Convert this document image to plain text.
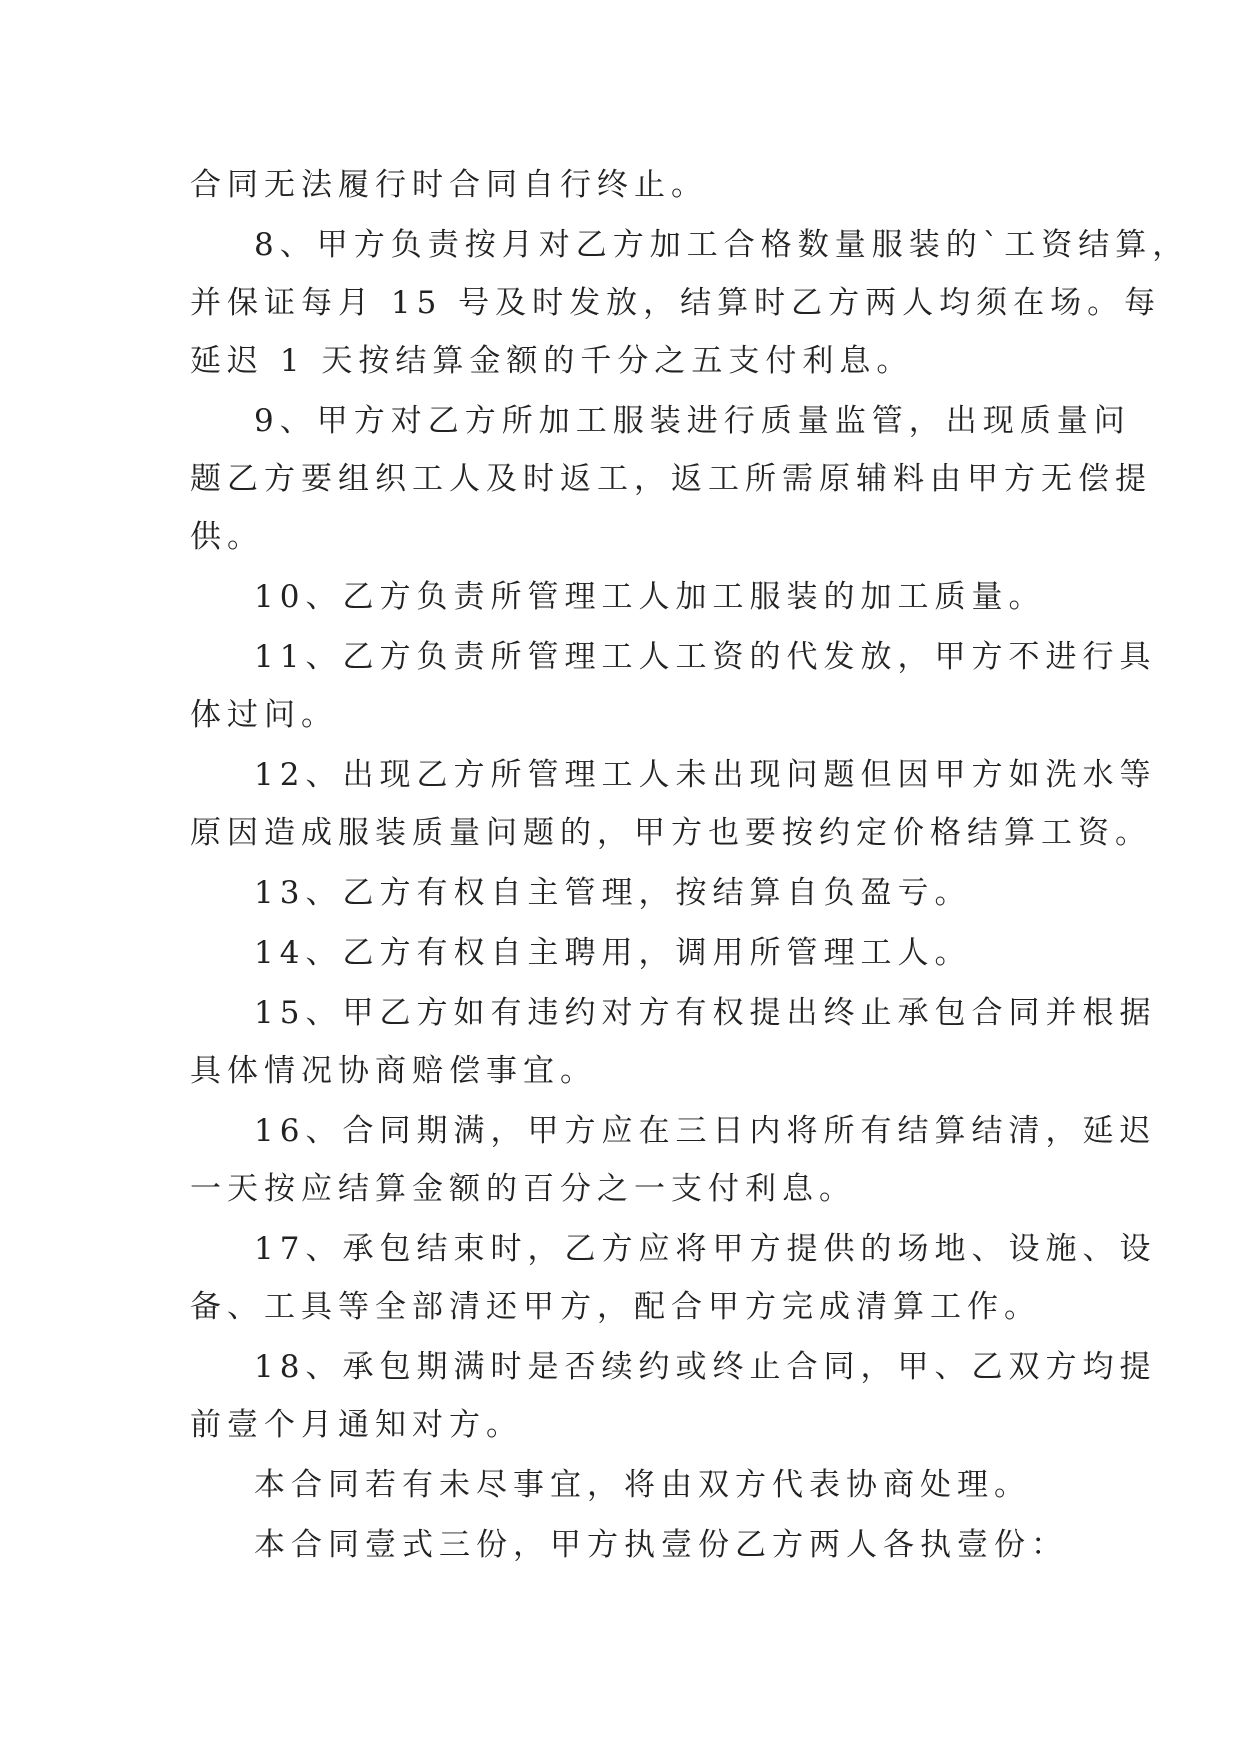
合同无法履行时合同自行终止。
8、甲方负责按月对乙方加工合格数量服装的`工资结算，
并保证每月 15 号及时发放，结算时乙方两人均须在场。每
延迟 1 天按结算金额的千分之五支付利息。
9、甲方对乙方所加工服装进行质量监管，出现质量问
题乙方要组织工人及时返工，返工所需原辅料由甲方无偿提
供。
10、乙方负责所管理工人加工服装的加工质量。
11、乙方负责所管理工人工资的代发放，甲方不进行具
体过问。
12、出现乙方所管理工人未出现问题但因甲方如洗水等
原因造成服装质量问题的，甲方也要按约定价格结算工资。
13、乙方有权自主管理，按结算自负盈亏。
14、乙方有权自主聘用，调用所管理工人。
15、甲乙方如有违约对方有权提出终止承包合同并根据
具体情况协商赔偿事宜。
16、合同期满，甲方应在三日内将所有结算结清，延迟
一天按应结算金额的百分之一支付利息。
17、承包结束时，乙方应将甲方提供的场地、设施、设
备、工具等全部清还甲方，配合甲方完成清算工作。
18、承包期满时是否续约或终止合同，甲、乙双方均提
前壹个月通知对方。
本合同若有未尽事宜，将由双方代表协商处理。
本合同壹式三份，甲方执壹份乙方两人各执壹份：
